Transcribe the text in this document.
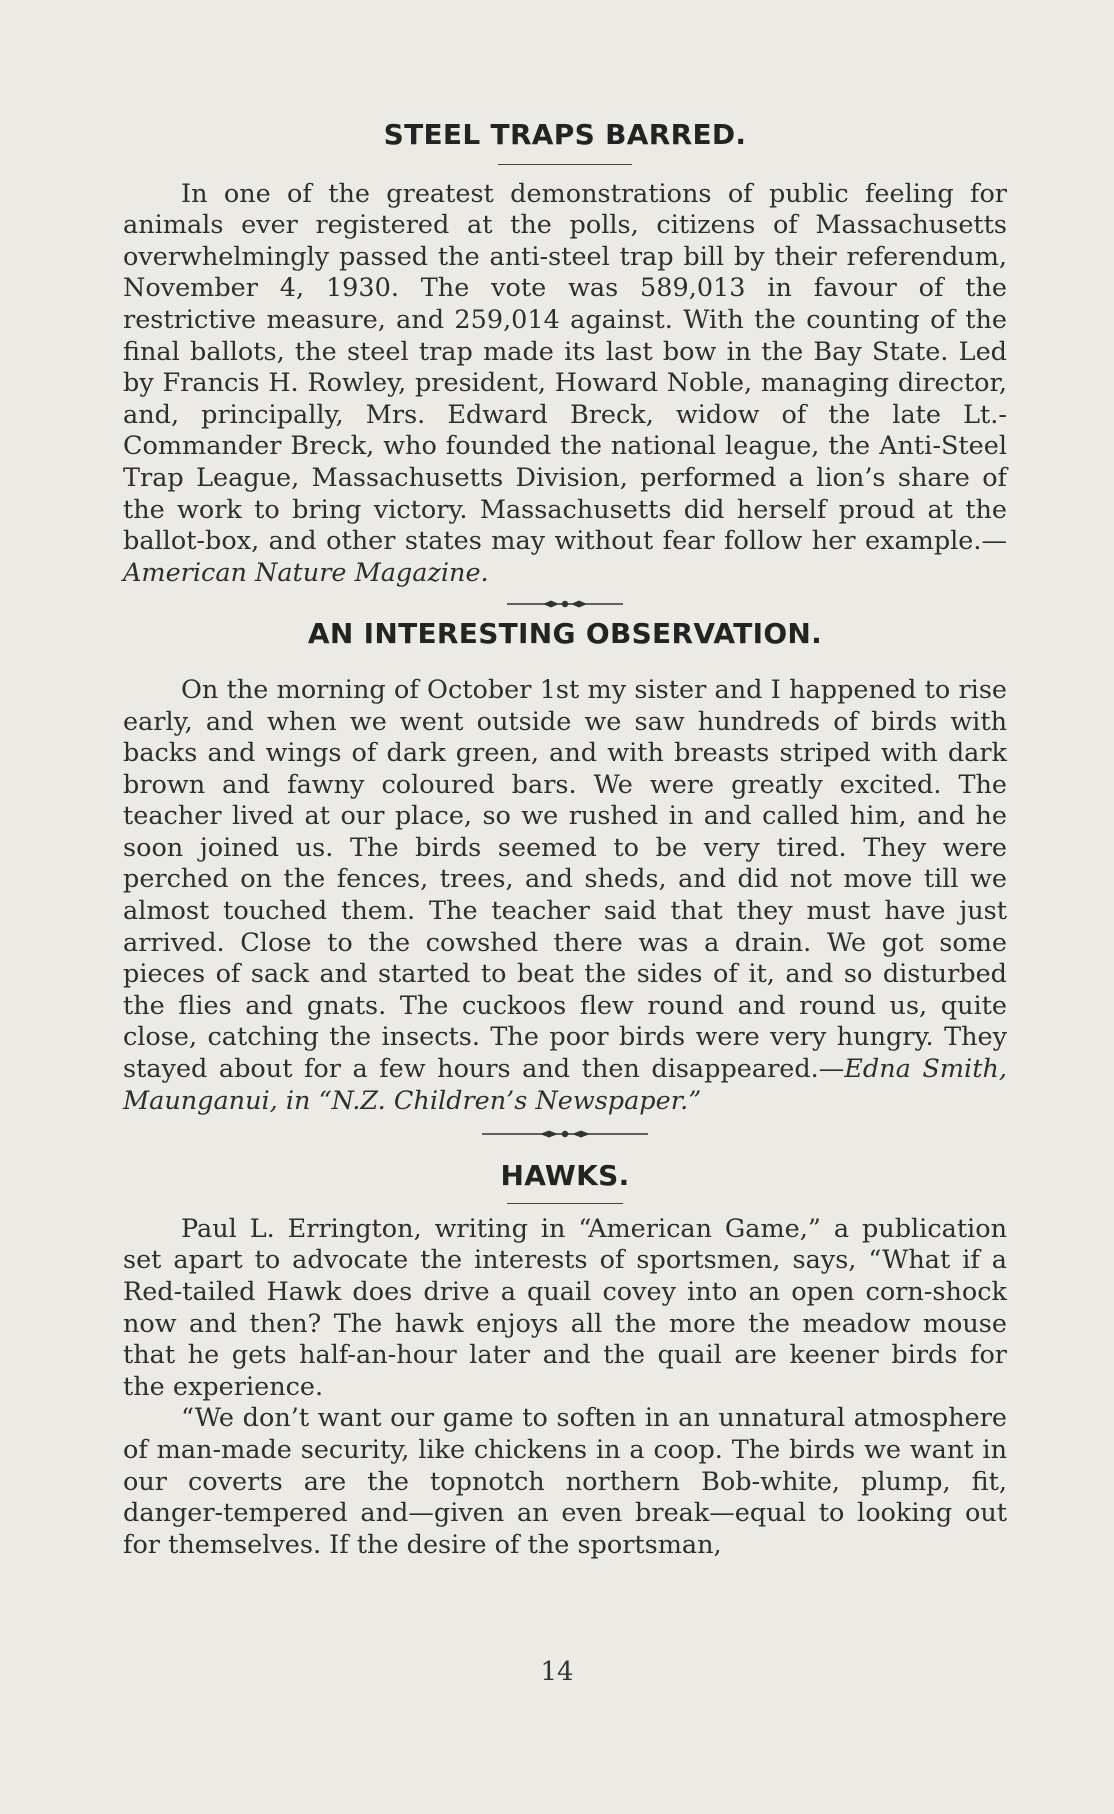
STEEL TRAPS BARRED.

In one of the greatest demonstrations of public feeling for animals ever registered at the polls, citizens of Massachusetts overwhelmingly passed the anti-steel trap bill by their referendum, November 4, 1930. The vote was 589,013 in favour of the restrictive measure, and 259,014 against. With the counting of the final ballots, the steel trap made its last bow in the Bay State. Led by Francis H. Rowley, president, Howard Noble, managing director, and, principally, Mrs. Edward Breck, widow of the late Lt.-Commander Breck, who founded the national league, the Anti-Steel Trap League, Massachusetts Division, performed a lion’s share of the work to bring victory. Massachusetts did herself proud at the ballot-box, and other states may without fear follow her example.—American Nature Magazine.

AN INTERESTING OBSERVATION.

On the morning of October 1st my sister and I happened to rise early, and when we went outside we saw hundreds of birds with backs and wings of dark green, and with breasts striped with dark brown and fawny coloured bars. We were greatly excited. The teacher lived at our place, so we rushed in and called him, and he soon joined us. The birds seemed to be very tired. They were perched on the fences, trees, and sheds, and did not move till we almost touched them. The teacher said that they must have just arrived. Close to the cowshed there was a drain. We got some pieces of sack and started to beat the sides of it, and so disturbed the flies and gnats. The cuckoos flew round and round us, quite close, catching the insects. The poor birds were very hungry. They stayed about for a few hours and then disappeared.—Edna Smith, Maunganui, in “N.Z. Children’s Newspaper.”

HAWKS.

Paul L. Errington, writing in “American Game,” a publication set apart to advocate the interests of sportsmen, says, “What if a Red-tailed Hawk does drive a quail covey into an open corn-shock now and then? The hawk enjoys all the more the meadow mouse that he gets half-an-hour later and the quail are keener birds for the experience.

“We don’t want our game to soften in an unnatural atmosphere of man-made security, like chickens in a coop. The birds we want in our coverts are the topnotch northern Bob-white, plump, fit, danger-tempered and—given an even break—equal to looking out for themselves. If the desire of the sportsman,

14
